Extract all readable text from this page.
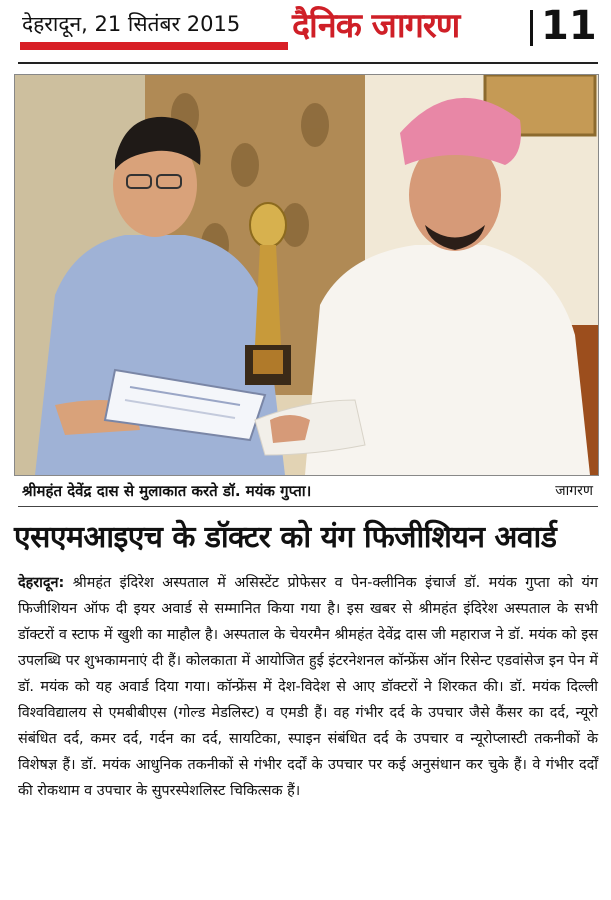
देहरादून, 21 सितंबर 2015 दैनिक जागरण 11
श्रीमहंत देवेंद्र दास से मुलाकात करते डॉ. मयंक गुप्ता।	जागरण
एसएमआइएच के डॉक्टर को यंग फिजीशियन अवार्ड
देहरादून: श्रीमहंत इंदिरेश अस्पताल में असिस्टेंट प्रोफेसर व पेन-क्लीनिक इंचार्ज डॉ. मयंक गुप्ता को यंग फिजीशियन ऑफ दी इयर अवार्ड से सम्मानित किया गया है। इस खबर से श्रीमहंत इंदिरेश अस्पताल के सभी डॉक्टरों व स्टाफ में खुशी का माहौल है। अस्पताल के चेयरमैन श्रीमहंत देवेंद्र दास जी महाराज ने डॉ. मयंक को इस उपलब्धि पर शुभकामनाएं दी हैं। कोलकाता में आयोजित हुई इंटरनेशनल कॉन्फ्रेंस ऑन रिसेन्ट एडवांसेज इन पेन में डॉ. मयंक को यह अवार्ड दिया गया। कॉन्फ्रेंस में देश-विदेश से आए डॉक्टरों ने शिरकत की। डॉ. मयंक दिल्ली विश्वविद्यालय से एमबीबीएस (गोल्ड मेडलिस्ट) व एमडी हैं। वह गंभीर दर्द के उपचार जैसे कैंसर का दर्द, न्यूरो संबंधित दर्द, कमर दर्द, गर्दन का दर्द, सायटिका, स्पाइन संबंधित दर्द के उपचार व न्यूरोप्लास्टी तकनीकों के विशेषज्ञ हैं। डॉ. मयंक आधुनिक तकनीकों से गंभीर दर्दों के उपचार पर कई अनुसंधान कर चुके हैं। वे गंभीर दर्दों की रोकथाम व उपचार के सुपरस्पेशलिस्ट चिकित्सक हैं।
